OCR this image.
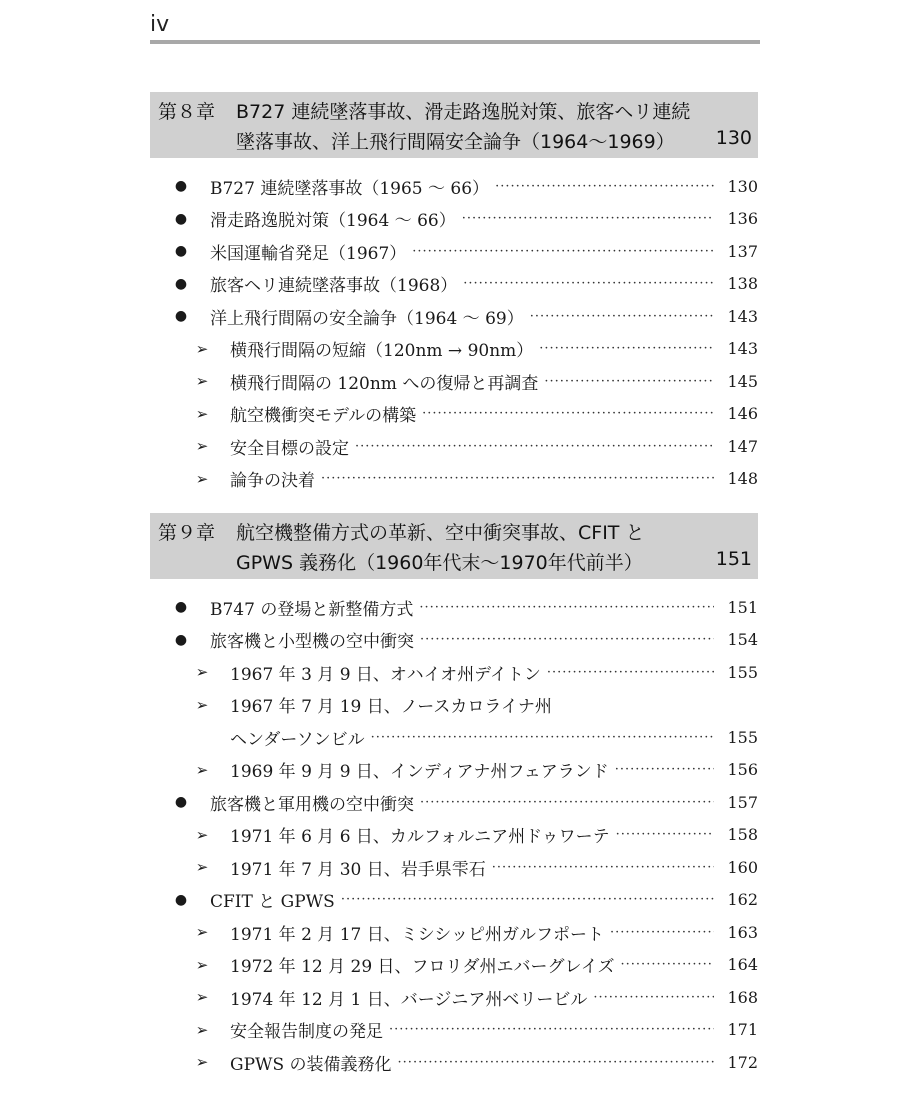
iv
第８章 B727 連続墜落事故、滑走路逸脱対策、旅客ヘリ連続
墜落事故、洋上飛行間隔安全論争（1964〜1969） 130
● B727 連続墜落事故（1965 ～ 66） ·····	130
● 滑走路逸脱対策（1964 ～ 66） ·····	136
● 米国運輸省発足（1967） ·····	137
● 旅客ヘリ連続墜落事故（1968） ·····	138
● 洋上飛行間隔の安全論争（1964 ～ 69） ·····	143
➢	横飛行間隔の短縮（120nm → 90nm） ·····	143
➢	横飛行間隔の 120nm への復帰と再調査 ·····	145
➢	航空機衝突モデルの構築 ·····	146
➢	安全目標の設定 ·····	147
➢	論争の決着 ·····	148
第９章 航空機整備方式の革新、空中衝突事故、CFIT と
GPWS 義務化（1960年代末〜1970年代前半）	151
● B747 の登場と新整備方式 ·····	151
● 旅客機と小型機の空中衝突 ·····	154
➢	1967 年 3 月 9 日、オハイオ州デイトン ·····	155
➢	1967 年 7 月 19 日、ノースカロライナ州
ヘンダーソンビル ·····	155
➢	1969 年 9 月 9 日、インディアナ州フェアランド ·····	156
● 旅客機と軍用機の空中衝突 ·····	157
➢	1971 年 6 月 6 日、カルフォルニア州ドゥワーテ ·····	158
➢	1971 年 7 月 30 日、岩手県雫石 ·····	160
● CFIT と GPWS ·····	162
➢	1971 年 2 月 17 日、ミシシッピ州ガルフポート ·····	163
➢	1972 年 12 月 29 日、フロリダ州エバーグレイズ ·····	164
➢	1974 年 12 月 1 日、バージニア州ベリービル ·····	168
➢	安全報告制度の発足 ·····	171
➢	GPWS の装備義務化 ·····	172
